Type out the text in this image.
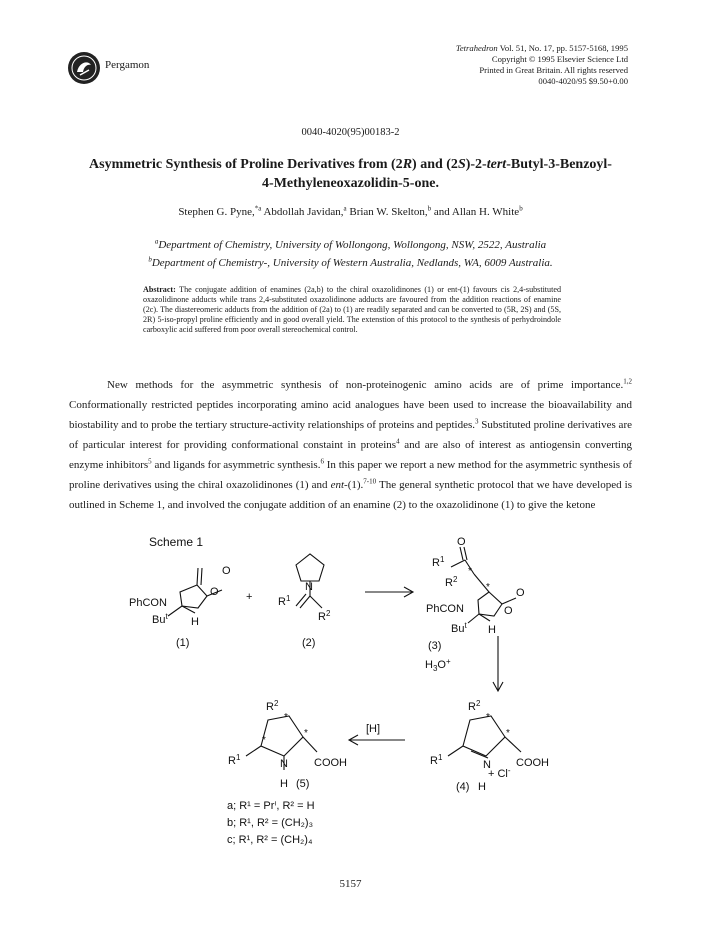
Pergamon
Tetrahedron Vol. 51, No. 17, pp. 5157-5168, 1995
Copyright © 1995 Elsevier Science Ltd
Printed in Great Britain. All rights reserved
0040-4020/95 $9.50+0.00
0040-4020(95)00183-2
Asymmetric Synthesis of Proline Derivatives from (2R) and (2S)-2-tert-Butyl-3-Benzoyl-
4-Methyleneoxazolidin-5-one.
Stephen G. Pyne,$^{*a}$ Abdollah Javidan,$^a$ Brian W. Skelton,$^b$ and Allan H. White$^b$
$^a$Department of Chemistry, University of Wollongong, Wollongong, NSW, 2522, Australia
$^b$Department of Chemistry-, University of Western Australia, Nedlands, WA, 6009 Australia.
Abstract: The conjugate addition of enamines (2a,b) to the chiral oxazolidinones (1) or ent-(1) favours cis 2,4-substituted oxazolidinone adducts while trans 2,4-substituted oxazolidinone adducts are favoured from the addition reactions of enamine (2c). The diastereomeric adducts from the addition of (2a) to (1) are readily separated and can be converted to (5R, 2S) and (5S, 2R) 5-iso-propyl proline efficiently and in good overall yield. The extenstion of this protocol to the synthesis of perhydroindole carboxylic acid suffered from poor overall stereochemical control.

New methods for the asymmetric synthesis of non-proteinogenic amino acids are of prime importance.$^{1,2}$ Conformationally restricted peptides incorporating amino acid analogues have been used to increase the bioavailability and biostability and to probe the tertiary structure-activity relationships of proteins and peptides.$^3$ Substituted proline derivatives are of particular interest for providing conformational constaint in proteins$^4$ and are also of interest as antiogensin converting enzyme inhibitors$^5$ and ligands for asymmetric synthesis.$^6$ In this paper we report a new method for the asymmetric synthesis of proline derivatives using the chiral oxazolidinones (1) and ent-(1).$^{7-10}$ The general synthetic protocol that we have developed is outlined in Scheme 1, and involved the conjugate addition of an enamine (2) to the oxazolidinone (1) to give the ketone

Scheme 1
O
O
PhCON
Bu$^t$ H
(1)
+
N
$R^1$
$R^2$
(2)
O
$R^1$
*
$R^2$
* O
O
PhCON
Bu$^t$ H
(3)
$H_3O^+$
$R^2$
*
*
$R^1$
N COOH
+ Cl-
(4) H
[H]
$R^2$
*
*
*
$R^1$
N COOH
H (5)
a; R¹ = Prⁱ, R² = H
b; R¹, R² = (CH₂)₃
c; R¹, R² = (CH₂)₄
5157
